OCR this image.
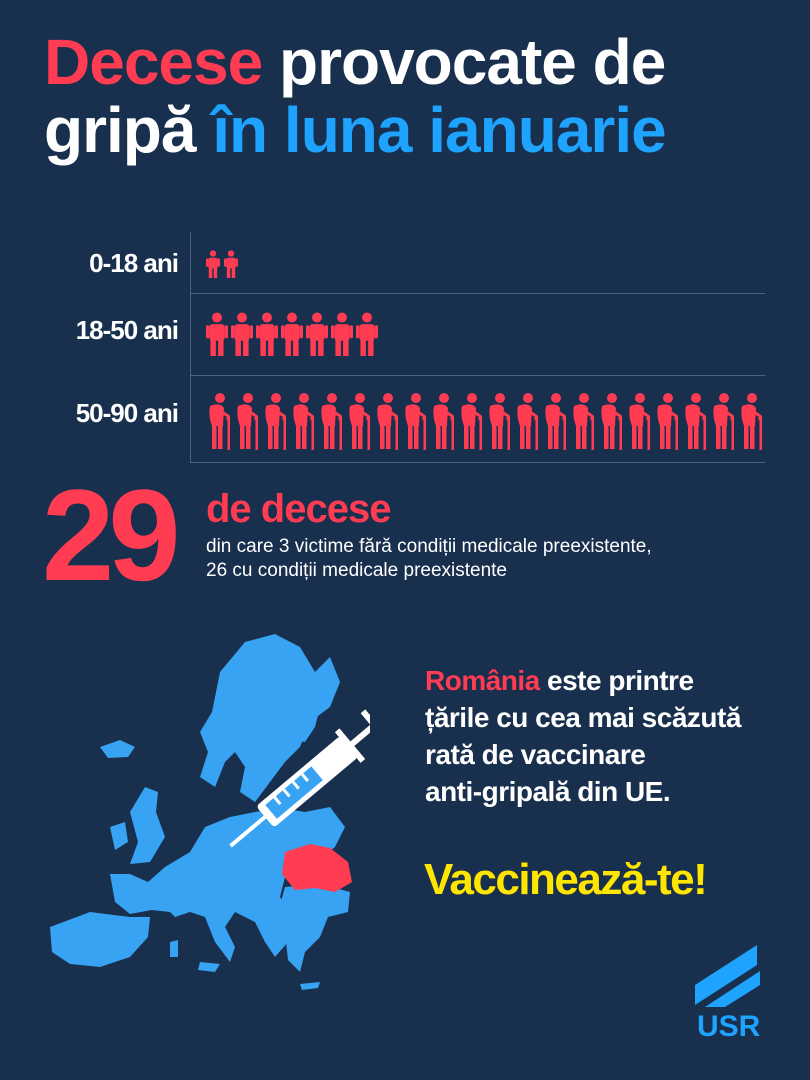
Decese provocate de
gripă în luna ianuarie
0-18 ani
18-50 ani
50-90 ani
29 de decese
din care 3 victime fără condiții medicale preexistente,
26 cu condiții medicale preexistente
România este printre
țările cu cea mai scăzută
rată de vaccinare
anti-gripală din UE.
Vaccinează-te!
USR
